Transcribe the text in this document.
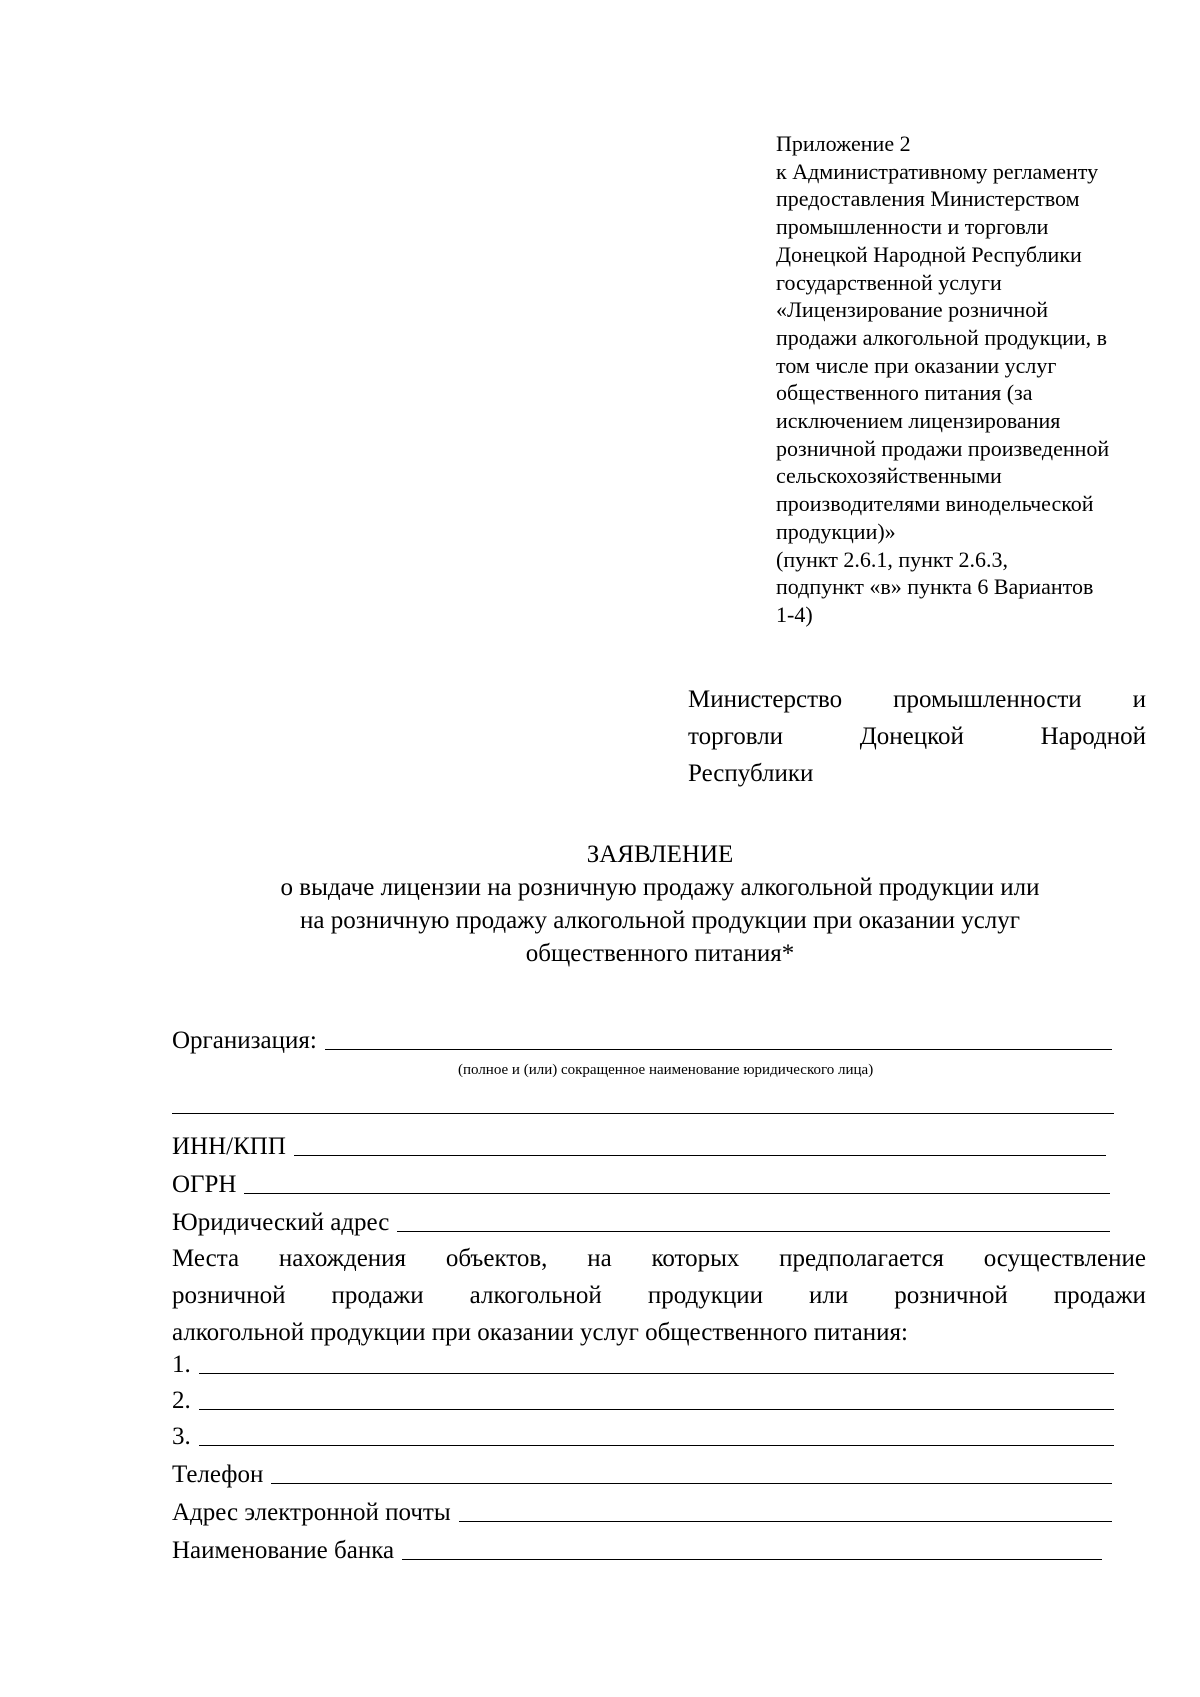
Приложение 2
к Административному регламенту
предоставления Министерством
промышленности и торговли
Донецкой Народной Республики
государственной услуги
«Лицензирование розничной
продажи алкогольной продукции, в
том числе при оказании услуг
общественного питания (за
исключением лицензирования
розничной продажи произведенной
сельскохозяйственными
производителями винодельческой
продукции)»
(пункт 2.6.1, пункт 2.6.3,
подпункт «в» пункта 6 Вариантов
1-4)
Министерство промышленности и
торговли	Донецкой	Народной
Республики
ЗАЯВЛЕНИЕ
о выдаче лицензии на розничную продажу алкогольной продукции или
на розничную продажу алкогольной продукции при оказании услуг
общественного питания*
Организация:
(полное и (или) сокращенное наименование юридического лица)
ИНН/КПП
ОГРН
Юридический адрес
Места нахождения объектов, на которых предполагается осуществление
розничной продажи алкогольной продукции или розничной продажи
алкогольной продукции при оказании услуг общественного питания:
1.
2.
3.
Телефон
Адрес электронной почты
Наименование банка
